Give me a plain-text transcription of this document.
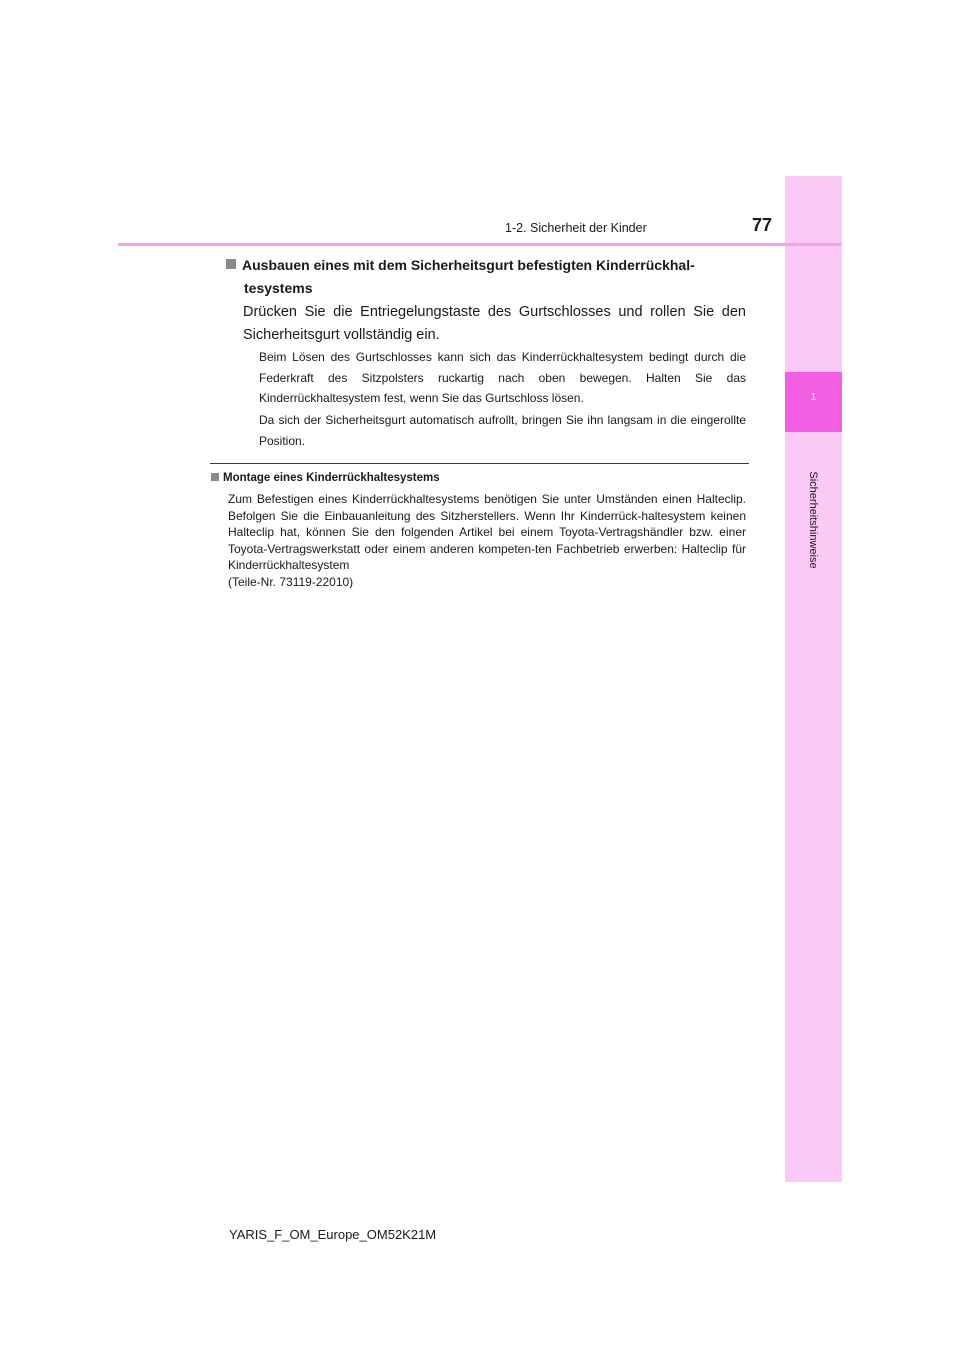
1
Sicherheitshinweise
1-2. Sicherheit der Kinder	77
Ausbauen eines mit dem Sicherheitsgurt befestigten Kinderrückhal-
tesystems
Drücken Sie die Entriegelungstaste des Gurtschlosses und rollen Sie den Sicherheitsgurt vollständig ein.
Beim Lösen des Gurtschlosses kann sich das Kinderrückhaltesystem bedingt durch die Federkraft des Sitzpolsters ruckartig nach oben bewegen. Halten Sie das Kinderrückhaltesystem fest, wenn Sie das Gurtschloss lösen.
Da sich der Sicherheitsgurt automatisch aufrollt, bringen Sie ihn langsam in die eingerollte Position.
Montage eines Kinderrückhaltesystems
Zum Befestigen eines Kinderrückhaltesystems benötigen Sie unter Umständen einen Halteclip. Befolgen Sie die Einbauanleitung des Sitzherstellers. Wenn Ihr Kinderrück-haltesystem keinen Halteclip hat, können Sie den folgenden Artikel bei einem Toyota-Vertragshändler bzw. einer Toyota-Vertragswerkstatt oder einem anderen kompeten-ten Fachbetrieb erwerben: Halteclip für Kinderrückhaltesystem
(Teile-Nr. 73119-22010)
YARIS_F_OM_Europe_OM52K21M
